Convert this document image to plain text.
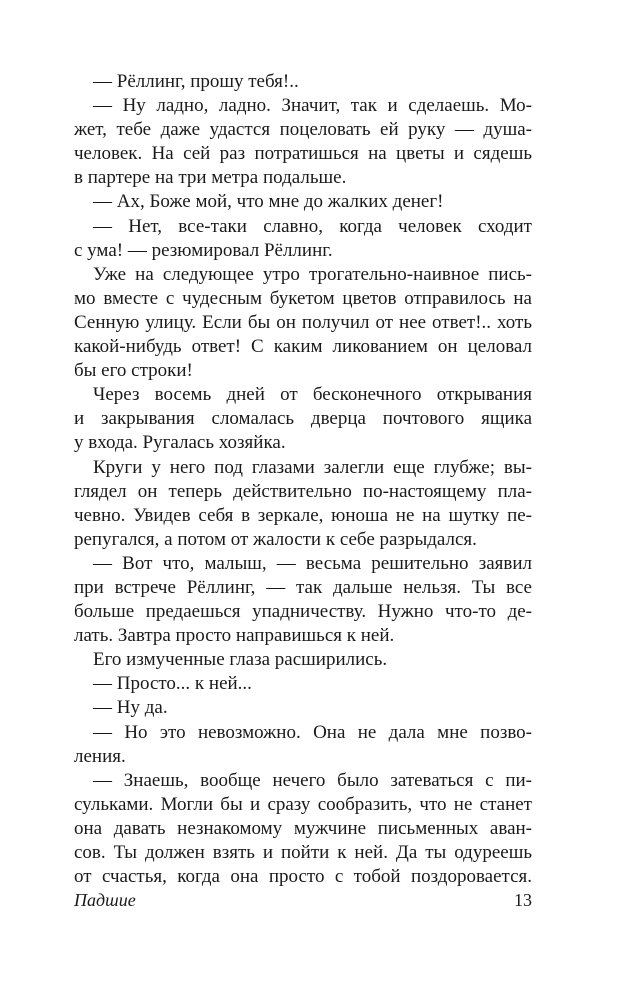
— Рёллинг, прошу тебя!..
— Ну ладно, ладно. Значит, так и сделаешь. Мо-
жет, тебе даже удастся поцеловать ей руку — душа-
человек. На сей раз потратишься на цветы и сядешь
в партере на три метра подальше.
— Ах, Боже мой, что мне до жалких денег!
— Нет, все-таки славно, когда человек сходит
с ума! — резюмировал Рёллинг.
Уже на следующее утро трогательно-наивное пись-
мо вместе с чудесным букетом цветов отправилось на
Сенную улицу. Если бы он получил от нее ответ!.. хоть
какой-нибудь ответ! С каким ликованием он целовал
бы его строки!
Через восемь дней от бесконечного открывания
и закрывания сломалась дверца почтового ящика
у входа. Ругалась хозяйка.
Круги у него под глазами залегли еще глубже; вы-
глядел он теперь действительно по-настоящему пла-
чевно. Увидев себя в зеркале, юноша не на шутку пе-
репугался, а потом от жалости к себе разрыдался.
— Вот что, малыш, — весьма решительно заявил
при встрече Рёллинг, — так дальше нельзя. Ты все
больше предаешься упадничеству. Нужно что-то де-
лать. Завтра просто направишься к ней.
Его измученные глаза расширились.
— Просто... к ней...
— Ну да.
— Но это невозможно. Она не дала мне позво-
ления.
— Знаешь, вообще нечего было затеваться с пи-
сульками. Могли бы и сразу сообразить, что не станет
она давать незнакомому мужчине письменных аван-
сов. Ты должен взять и пойти к ней. Да ты одуреешь
от счастья, когда она просто с тобой поздоровается.
Падшие	13
